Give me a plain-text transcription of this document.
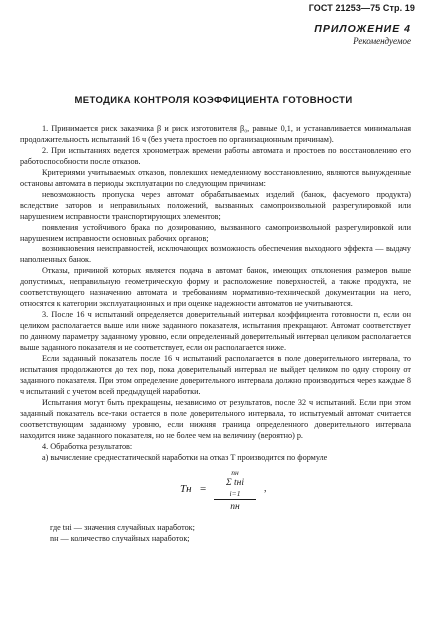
ГОСТ 21253—75 Стр. 19
ПРИЛОЖЕНИЕ 4
Рекомендуемое
МЕТОДИКА КОНТРОЛЯ КОЭФФИЦИЕНТА ГОТОВНОСТИ

1. Принимается риск заказчика β и риск изготовителя β₀, равные 0,1, и устанавливается минимальная продолжительность испытаний 16 ч (без учета простоев по организационным причинам).

2. При испытаниях ведется хронометраж времени работы автомата и простоев по восстановлению его работоспособности после отказов.

Критериями учитываемых отказов, повлекших немедленному восстановлению, являются вынужденные остановы автомата в периоды эксплуатации по следующим причинам:

невозможность пропуска через автомат обрабатываемых изделий (банок, фасуемого продукта) вследствие заторов и неправильных положений, вызванных самопроизвольной разрегулировкой или нарушением исправности транспортирующих элементов;

появления устойчивого брака по дозированию, вызванного самопроизвольной разрегулировкой или нарушением исправности основных рабочих органов;

возникновения неисправностей, исключающих возможность обеспечения выходного эффекта — выдачу наполненных банок.

Отказы, причиной которых является подача в автомат банок, имеющих отклонения размеров выше допустимых, неправильную геометрическую форму и расположение поверхностей, а также продукта, не соответствующего назначению автомата и требованиям нормативно-технической документации на него, относятся к категории эксплуатационных и при оценке надежности автоматов не учитываются.

3. После 16 ч испытаний определяется доверительный интервал коэффициента готовности п, если он целиком располагается выше или ниже заданного показателя, испытания прекращают. Автомат соответствует по данному параметру заданному уровню, если определенный доверительный интервал целиком располагается выше заданного показателя и не соответствует, если он располагается ниже.

Если заданный показатель после 16 ч испытаний располагается в поле доверительного интервала, то испытания продолжаются до тех пор, пока доверительный интервал не выйдет целиком по одну сторону от заданного показателя. При этом определение доверительного интервала должно производиться через каждые 8 ч испытаний с учетом всей предыдущей наработки.

Испытания могут быть прекращены, независимо от результатов, после 32 ч испытаний. Если при этом заданный показатель все-таки остается в поле доверительного интервала, то испытуемый автомат считается соответствующим заданному уровню, если нижняя граница определенного доверительного интервала находится ниже заданного показателя, но не более чем на величину (вероятно) р.

4. Обработка результатов:

а) вычисление среднестатической наработки на отказ T производится по формуле

Tн =
nн
Σ tнi
i=1
nн
,
где tнi — значения случайных наработок;
nн — количество случайных наработок;
